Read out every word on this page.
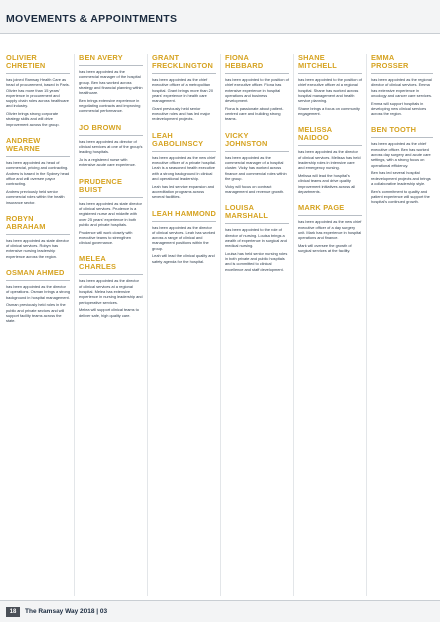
MOVEMENTS & APPOINTMENTS
OLIVIER CHRETIEN

has joined Ramsay Health Care as head of procurement, based in Paris. Olivier has more than 15 years' experience in procurement and supply chain roles across healthcare and industry.

Olivier brings strong corporate strategy skills and will drive improvement across the group.

ANDREW WEARNE

has been appointed as head of commercial, pricing and contracting. Andrew is based in the Sydney head office and will oversee payor contracting.

Andrew previously held senior commercial roles within the health insurance sector.

ROBYN ABRAHAM

has been appointed as state director of clinical services. Robyn has extensive nursing leadership experience across the region.

OSMAN AHMED

has been appointed as the director of operations. Osman brings a strong background in hospital management.

Osman previously held roles in the public and private sectors and will support facility teams across the state.

BEN AVERY

has been appointed as the commercial manager of the hospital group. Ben has worked across strategy and financial planning within healthcare.

Ben brings extensive experience in negotiating contracts and improving commercial performance.

JO BROWN

has been appointed as director of clinical services at one of the group's leading hospitals.

Jo is a registered nurse with extensive acute care experience.

PRUDENCE BUIST

has been appointed as state director of clinical services. Prudence is a registered nurse and midwife with over 25 years' experience in both public and private hospitals.

Prudence will work closely with executive teams to strengthen clinical governance.

MELEA CHARLES

has been appointed as the director of clinical services at a regional hospital. Melea has extensive experience in nursing leadership and perioperative services.

Melea will support clinical teams to deliver safe, high quality care.

GRANT FRECKLINGTON

has been appointed as the chief executive officer of a metropolitan hospital. Grant brings more than 20 years' experience in health care management.

Grant previously held senior executive roles and has led major redevelopment projects.

LEAH GABOLINSCY

has been appointed as the new chief executive officer of a private hospital. Leah is a seasoned health executive with a strong background in clinical and operational leadership.

Leah has led service expansion and accreditation programs across several facilities.

LEAH HAMMOND

has been appointed as the director of clinical services. Leah has worked across a range of clinical and management positions within the group.

Leah will lead the clinical quality and safety agenda for the hospital.

FIONA HEBBARD

has been appointed to the position of chief executive officer. Fiona has extensive experience in hospital operations and business development.

Fiona is passionate about patient-centred care and building strong teams.

VICKY JOHNSTON

has been appointed as the commercial manager of a hospital cluster. Vicky has worked across finance and commercial roles within the group.

Vicky will focus on contract management and revenue growth.

LOUISA MARSHALL

has been appointed to the role of director of nursing. Louisa brings a wealth of experience in surgical and medical nursing.

Louisa has held senior nursing roles in both private and public hospitals and is committed to clinical excellence and staff development.

SHANE MITCHELL

has been appointed to the position of chief executive officer at a regional hospital. Shane has worked across hospital management and health service planning.

Shane brings a focus on community engagement.

MELISSA NAIDOO

has been appointed as the director of clinical services. Melissa has held leadership roles in intensive care and emergency nursing.

Melissa will lead the hospital's clinical teams and drive quality improvement initiatives across all departments.

MARK PAGE

has been appointed as the new chief executive officer of a day surgery unit. Mark has experience in hospital operations and finance.

Mark will oversee the growth of surgical services at the facility.

EMMA PROSSER

has been appointed as the regional director of clinical services. Emma has extensive experience in oncology and cancer care services.

Emma will support hospitals in developing new clinical services across the region.

BEN TOOTH

has been appointed as the chief executive officer. Ben has worked across day surgery and acute care settings, with a strong focus on operational efficiency.

Ben has led several hospital redevelopment projects and brings a collaborative leadership style.

Ben's commitment to quality and patient experience will support the hospital's continued growth.

18	The Ramsay Way 2018 | 03
